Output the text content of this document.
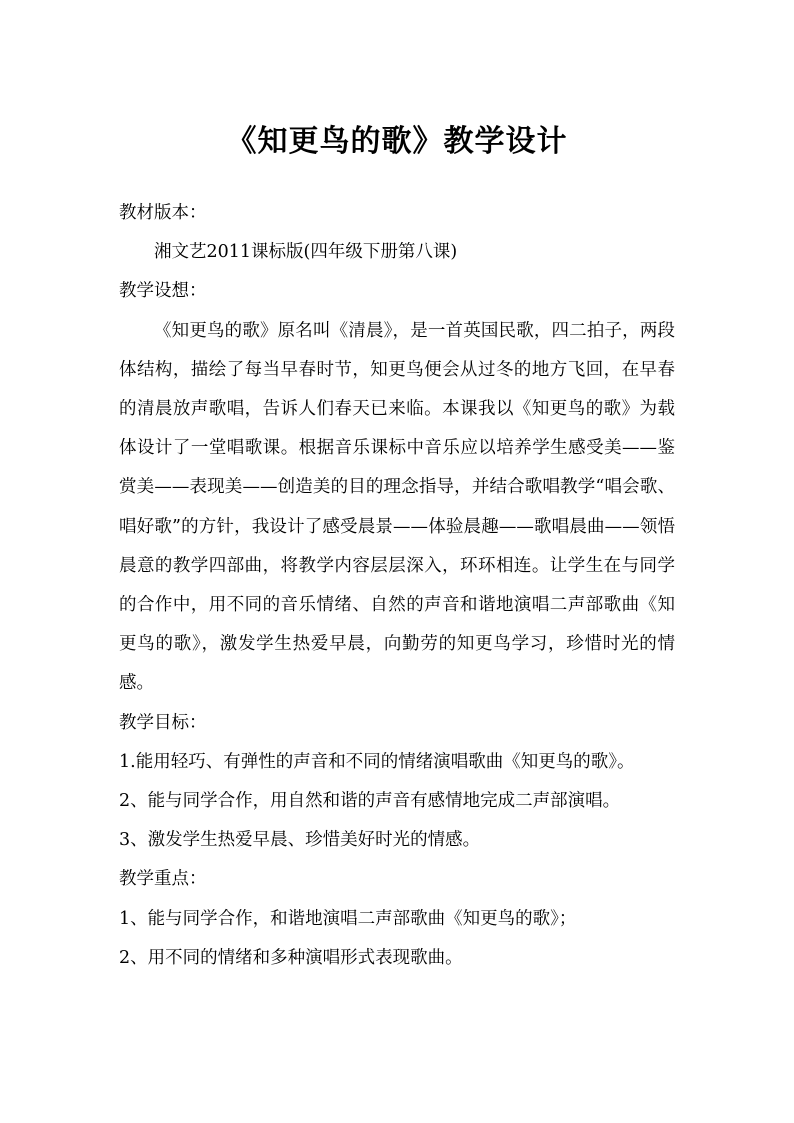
《知更鸟的歌》教学设计

教材版本：

湘文艺2011课标版(四年级下册第八课)

教学设想：

《知更鸟的歌》原名叫《清晨》，是一首英国民歌，四二拍子，两段体结构，描绘了每当早春时节，知更鸟便会从过冬的地方飞回，在早春的清晨放声歌唱，告诉人们春天已来临。本课我以《知更鸟的歌》为载体设计了一堂唱歌课。根据音乐课标中音乐应以培养学生感受美——鉴赏美——表现美——创造美的目的理念指导，并结合歌唱教学“唱会歌、唱好歌”的方针，我设计了感受晨景——体验晨趣——歌唱晨曲——领悟晨意的教学四部曲，将教学内容层层深入，环环相连。让学生在与同学的合作中，用不同的音乐情绪、自然的声音和谐地演唱二声部歌曲《知更鸟的歌》，激发学生热爱早晨，向勤劳的知更鸟学习，珍惜时光的情感。

教学目标：

1.能用轻巧、有弹性的声音和不同的情绪演唱歌曲《知更鸟的歌》。

2、能与同学合作，用自然和谐的声音有感情地完成二声部演唱。

3、激发学生热爱早晨、珍惜美好时光的情感。

教学重点：

1、能与同学合作，和谐地演唱二声部歌曲《知更鸟的歌》；

2、用不同的情绪和多种演唱形式表现歌曲。
